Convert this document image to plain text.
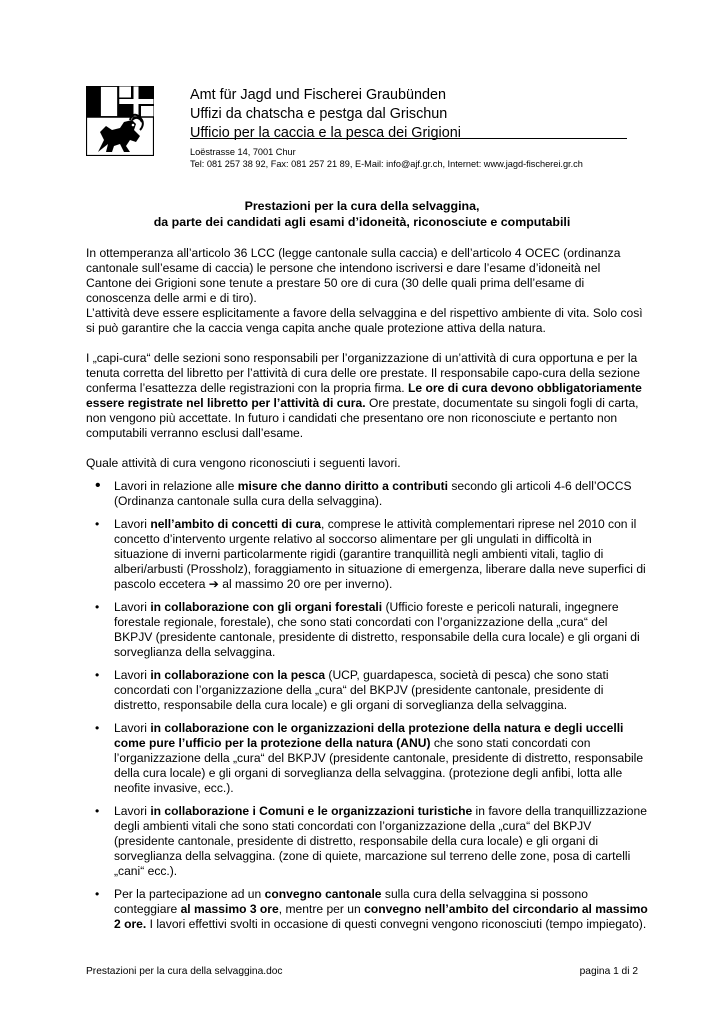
Amt für Jagd und Fischerei Graubünden
Uffizi da chatscha e pestga dal Grischun
Ufficio per la caccia e la pesca dei Grigioni
Loëstrasse 14, 7001 Chur
Tel: 081 257 38 92, Fax: 081 257 21 89, E-Mail: info@ajf.gr.ch, Internet: www.jagd-fischerei.gr.ch
Prestazioni per la cura della selvaggina,
da parte dei candidati agli esami d’idoneità, riconosciute e computabili

In ottemperanza all’articolo 36 LCC (legge cantonale sulla caccia) e dell’articolo 4 OCEC (ordinanza cantonale sull’esame di caccia) le persone che intendono iscriversi e dare l’esame d’idoneità nel Cantone dei Grigioni sone tenute a prestare 50 ore di cura (30 delle quali prima dell’esame di conoscenza delle armi e di tiro).

L’attività deve essere esplicitamente a favore della selvaggina e del rispettivo ambiente di vita. Solo così si può garantire che la caccia venga capita anche quale protezione attiva della natura.

I „capi-cura“ delle sezioni sono responsabili per l’organizzazione di un’attività di cura opportuna e per la tenuta corretta del libretto per l’attività di cura delle ore prestate. Il responsabile capo-cura della sezione conferma l’esattezza delle registrazioni con la propria firma. Le ore di cura devono obbligatoriamente essere registrate nel libretto per l’attività di cura. Ore prestate, documentate su singoli fogli di carta, non vengono più accettate. In futuro i candidati che presentano ore non riconosciute e pertanto non computabili verranno esclusi dall’esame.

Quale attività di cura vengono riconosciuti i seguenti lavori.

• Lavori in relazione alle misure che danno diritto a contributi secondo gli articoli 4-6 dell’OCCS (Ordinanza cantonale sulla cura della selvaggina).
• Lavori nell’ambito di concetti di cura, comprese le attività complementari riprese nel 2010 con il concetto d’intervento urgente relativo al soccorso alimentare per gli ungulati in difficoltà in situazione di inverni particolarmente rigidi (garantire tranquillità negli ambienti vitali, taglio di alberi/arbusti (Prossholz), foraggiamento in situazione di emergenza, liberare dalla neve superfici di pascolo eccetera ➔ al massimo 20 ore per inverno).
• Lavori in collaborazione con gli organi forestali (Ufficio foreste e pericoli naturali, ingegnere forestale regionale, forestale), che sono stati concordati con l’organizzazione della „cura“ del BKPJV (presidente cantonale, presidente di distretto, responsabile della cura locale) e gli organi di sorveglianza della selvaggina.
• Lavori in collaborazione con la pesca (UCP, guardapesca, società di pesca) che sono stati concordati con l’organizzazione della „cura“ del BKPJV (presidente cantonale, presidente di distretto, responsabile della cura locale) e gli organi di sorveglianza della selvaggina.
• Lavori in collaborazione con le organizzazioni della protezione della natura e degli uccelli come pure l’ufficio per la protezione della natura (ANU) che sono stati concordati con l’organizzazione della „cura“ del BKPJV (presidente cantonale, presidente di distretto, responsabile della cura locale) e gli organi di sorveglianza della selvaggina. (protezione degli anfibi, lotta alle neofite invasive, ecc.).
• Lavori in collaborazione i Comuni e le organizzazioni turistiche in favore della tranquillizzazione degli ambienti vitali che sono stati concordati con l’organizzazione della „cura“ del BKPJV (presidente cantonale, presidente di distretto, responsabile della cura locale) e gli organi di sorveglianza della selvaggina. (zone di quiete, marcazione sul terreno delle zone, posa di cartelli „cani“ ecc.).
• Per la partecipazione ad un convegno cantonale sulla cura della selvaggina si possono conteggiare al massimo 3 ore, mentre per un convegno nell’ambito del circondario al massimo 2 ore. I lavori effettivi svolti in occasione di questi convegni vengono riconosciuti (tempo impiegato).
Prestazioni per la cura della selvaggina.doc	pagina 1 di 2
